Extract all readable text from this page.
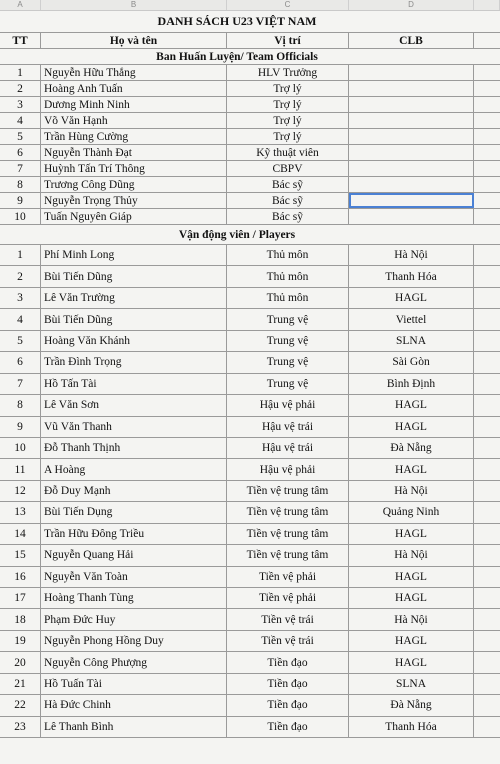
A	B	C	D
DANH SÁCH U23 VIỆT NAM
TT	Họ và tên	Vị trí	CLB
Ban Huấn Luyện/ Team Officials
1	Nguyễn Hữu Thắng	HLV Trưởng
2	Hoàng Anh Tuấn	Trợ lý
3	Dương Minh Ninh	Trợ lý
4	Võ Văn Hạnh	Trợ lý
5	Trần Hùng Cường	Trợ lý
6	Nguyễn Thành Đạt	Kỹ thuật viên
7	Huỳnh Tấn Trí Thông	CBPV
8	Trương Công Dũng	Bác sỹ
9	Nguyễn Trọng Thủy	Bác sỹ
10	Tuấn Nguyên Giáp	Bác sỹ
Vận động viên / Players
1	Phí Minh Long	Thủ môn	Hà Nội
2	Bùi Tiến Dũng	Thủ môn	Thanh Hóa
3	Lê Văn Trường	Thủ môn	HAGL
4	Bùi Tiến Dũng	Trung vệ	Viettel
5	Hoàng Văn Khánh	Trung vệ	SLNA
6	Trần Đình Trọng	Trung vệ	Sài Gòn
7	Hồ Tấn Tài	Trung vệ	Bình Định
8	Lê Văn Sơn	Hậu vệ phải	HAGL
9	Vũ Văn Thanh	Hậu vệ trái	HAGL
10	Đỗ Thanh Thịnh	Hậu vệ trái	Đà Nẵng
11	A Hoàng	Hậu vệ phải	HAGL
12	Đỗ Duy Mạnh	Tiền vệ trung tâm	Hà Nội
13	Bùi Tiến Dụng	Tiền vệ trung tâm	Quảng Ninh
14	Trần Hữu Đông Triều	Tiền vệ trung tâm	HAGL
15	Nguyễn Quang Hải	Tiền vệ trung tâm	Hà Nội
16	Nguyễn Văn Toàn	Tiền vệ phải	HAGL
17	Hoàng Thanh Tùng	Tiền vệ phải	HAGL
18	Phạm Đức Huy	Tiền vệ trái	Hà Nội
19	Nguyễn Phong Hồng Duy	Tiền vệ trái	HAGL
20	Nguyễn Công Phượng	Tiền đạo	HAGL
21	Hồ Tuấn Tài	Tiền đạo	SLNA
22	Hà Đức Chinh	Tiền đạo	Đà Nẵng
23	Lê Thanh Bình	Tiền đạo	Thanh Hóa
